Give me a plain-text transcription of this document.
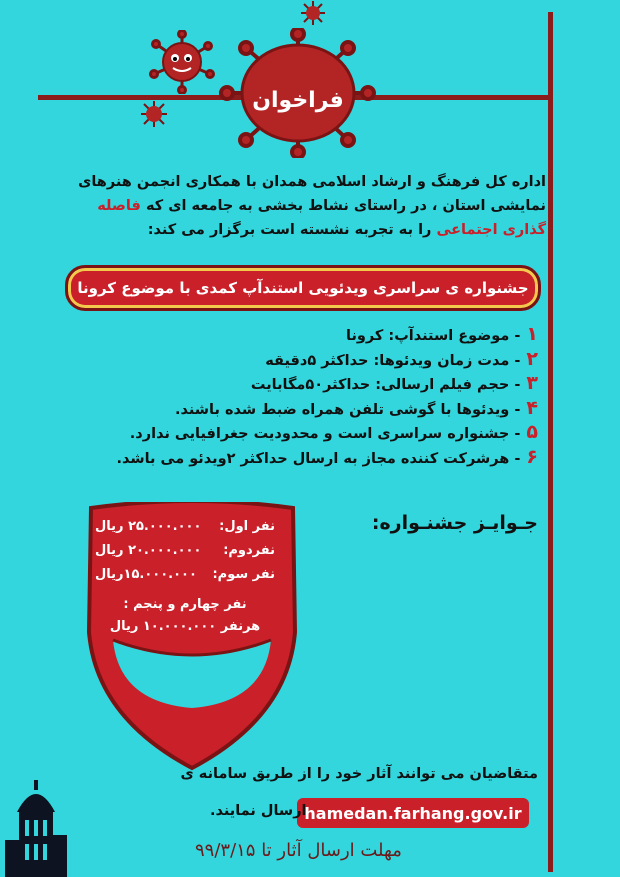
فراخوان
اداره کل فرهنگ و ارشاد اسلامی همدان با همکاری انجمن هنرهای نمایشی استان ، در راستای نشاط بخشی به جامعه ای که فاصله گذاری اجتماعی را به تجربه نشسته است برگزار می کند:
جشنواره ی سراسری ویدئویی استندآپ کمدی با موضوع کرونا
۱- موضوع استندآپ: کرونا
۲- مدت زمان ویدئوها: حداکثر ۵دقیقه
۳- حجم فیلم ارسالی: حداکثر۵۰مگابایت
۴- ویدئوها با گوشی تلفن همراه ضبط شده باشند.
۵- جشنواره سراسری است و محدودیت جغرافیایی ندارد.
۶- هرشرکت کننده مجاز به ارسال حداکثر ۲ویدئو می باشد.
جـوایـز جشنـواره:
نفر اول:
۲۵.۰۰۰.۰۰۰ ریال
نفردوم:
۲۰.۰۰۰.۰۰۰ ریال
نفر سوم:
۱۵.۰۰۰.۰۰۰ریال
نفر چهارم و پنجم :
هرنفر ۱۰.۰۰۰.۰۰۰ ریال
متقاضیان می توانند آثار خود را از طریق سامانه ی
hamedan.farhang.gov.ir
ارسال نمایند.
مهلت ارسال آثار تا ۹۹/۳/۱۵
